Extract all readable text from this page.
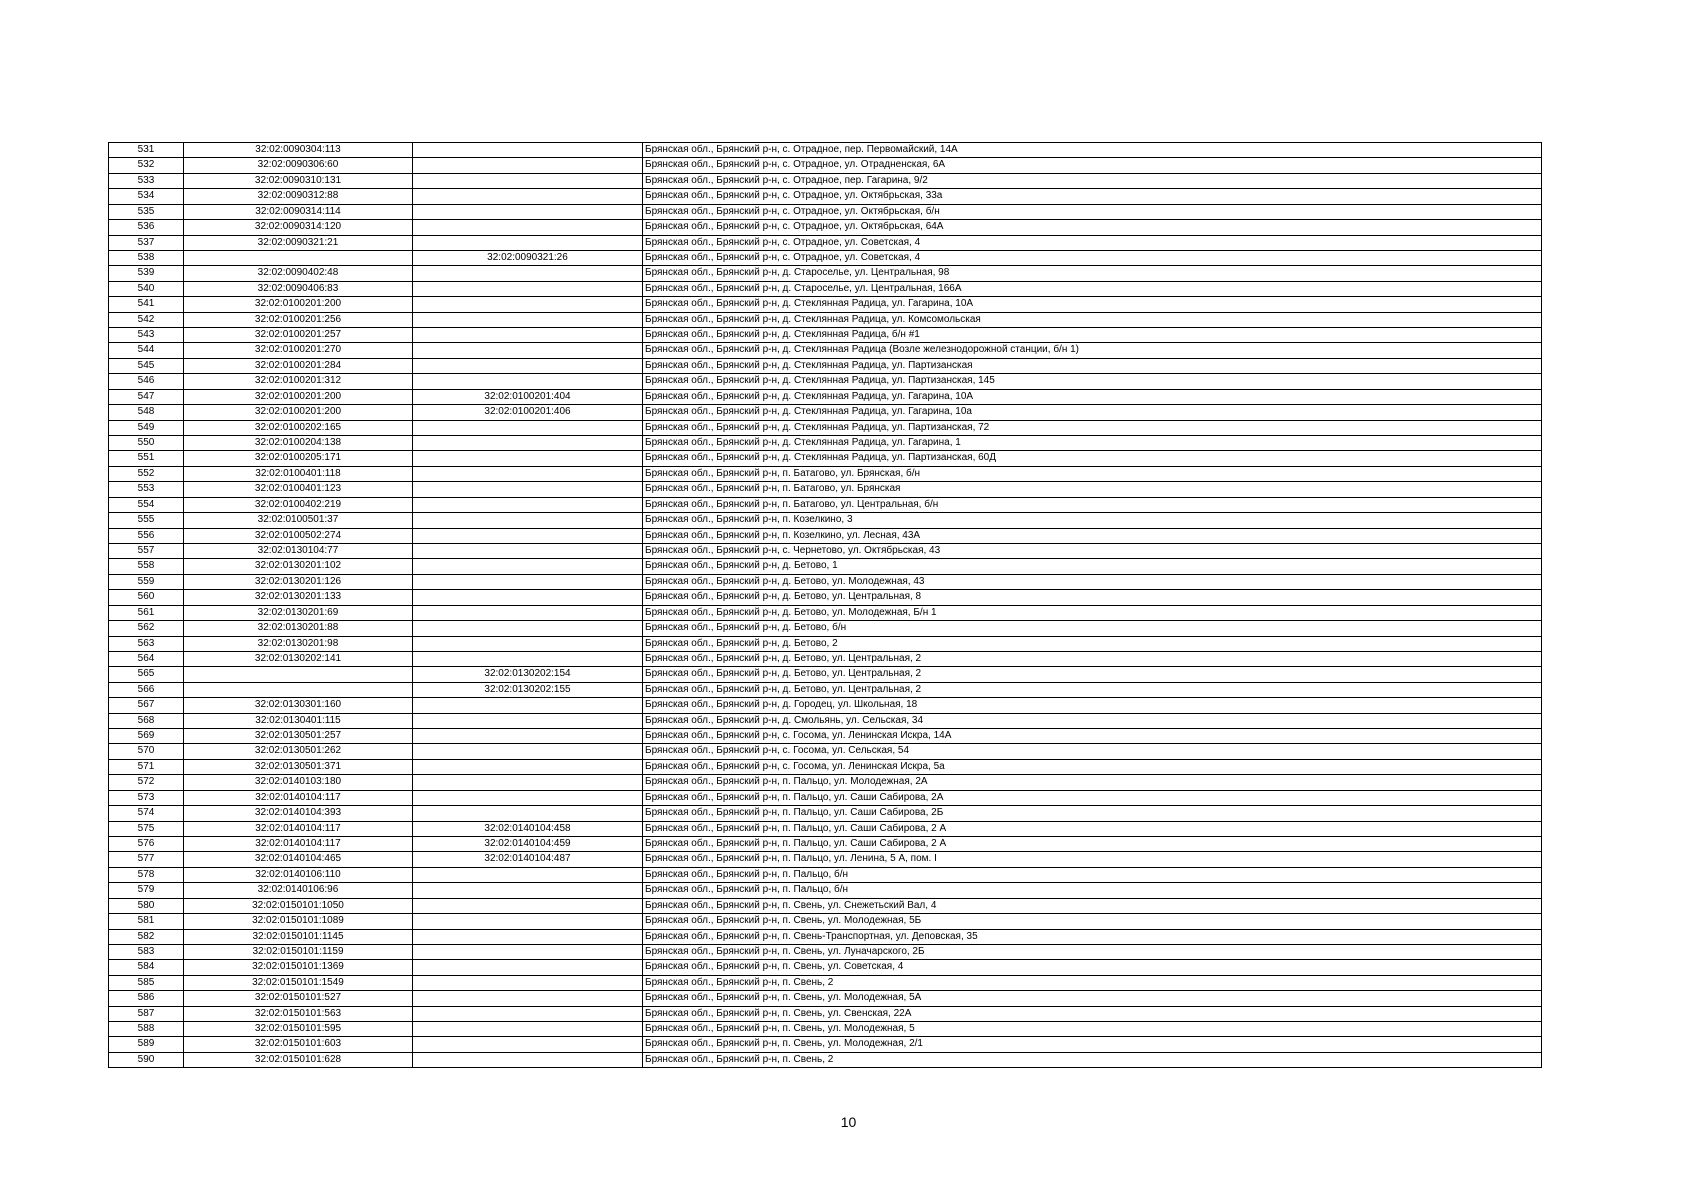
531	32:02:0090304:113		Брянская обл., Брянский р-н, с. Отрадное, пер. Первомайский, 14А
532	32:02:0090306:60		Брянская обл., Брянский р-н, с. Отрадное, ул. Отрадненская, 6А
533	32:02:0090310:131		Брянская обл., Брянский р-н, с. Отрадное, пер. Гагарина, 9/2
534	32:02:0090312:88		Брянская обл., Брянский р-н, с. Отрадное, ул. Октябрьская, 33а
535	32:02:0090314:114		Брянская обл., Брянский р-н, с. Отрадное, ул. Октябрьская, б/н
536	32:02:0090314:120		Брянская обл., Брянский р-н, с. Отрадное, ул. Октябрьская, 64А
537	32:02:0090321:21		Брянская обл., Брянский р-н, с. Отрадное, ул. Советская, 4
538		32:02:0090321:26	Брянская обл., Брянский р-н, с. Отрадное, ул. Советская, 4
539	32:02:0090402:48		Брянская обл., Брянский р-н, д. Староселье, ул. Центральная, 98
540	32:02:0090406:83		Брянская обл., Брянский р-н, д. Староселье, ул. Центральная, 166А
541	32:02:0100201:200		Брянская обл., Брянский р-н, д. Стеклянная Радица, ул. Гагарина, 10А
542	32:02:0100201:256		Брянская обл., Брянский р-н, д. Стеклянная Радица, ул. Комсомольская
543	32:02:0100201:257		Брянская обл., Брянский р-н, д. Стеклянная Радица, б/н #1
544	32:02:0100201:270		Брянская обл., Брянский р-н, д. Стеклянная Радица (Возле железнодорожной станции, б/н 1)
545	32:02:0100201:284		Брянская обл., Брянский р-н, д. Стеклянная Радица, ул. Партизанская
546	32:02:0100201:312		Брянская обл., Брянский р-н, д. Стеклянная Радица, ул. Партизанская, 145
547	32:02:0100201:200	32:02:0100201:404	Брянская обл., Брянский р-н, д. Стеклянная Радица, ул. Гагарина, 10А
548	32:02:0100201:200	32:02:0100201:406	Брянская обл., Брянский р-н, д. Стеклянная Радица, ул. Гагарина, 10а
549	32:02:0100202:165		Брянская обл., Брянский р-н, д. Стеклянная Радица, ул. Партизанская, 72
550	32:02:0100204:138		Брянская обл., Брянский р-н, д. Стеклянная Радица, ул. Гагарина, 1
551	32:02:0100205:171		Брянская обл., Брянский р-н, д. Стеклянная Радица, ул. Партизанская, 60Д
552	32:02:0100401:118		Брянская обл., Брянский р-н, п. Батагово, ул. Брянская, б/н
553	32:02:0100401:123		Брянская обл., Брянский р-н, п. Батагово, ул. Брянская
554	32:02:0100402:219		Брянская обл., Брянский р-н, п. Батагово, ул. Центральная, б/н
555	32:02:0100501:37		Брянская обл., Брянский р-н, п. Козелкино, 3
556	32:02:0100502:274		Брянская обл., Брянский р-н, п. Козелкино, ул. Лесная, 43А
557	32:02:0130104:77		Брянская обл., Брянский р-н, с. Чернетово, ул. Октябрьская, 43
558	32:02:0130201:102		Брянская обл., Брянский р-н, д. Бетово, 1
559	32:02:0130201:126		Брянская обл., Брянский р-н, д. Бетово, ул. Молодежная, 43
560	32:02:0130201:133		Брянская обл., Брянский р-н, д. Бетово, ул. Центральная, 8
561	32:02:0130201:69		Брянская обл., Брянский р-н, д. Бетово, ул. Молодежная, Б/н 1
562	32:02:0130201:88		Брянская обл., Брянский р-н, д. Бетово, б/н
563	32:02:0130201:98		Брянская обл., Брянский р-н, д. Бетово, 2
564	32:02:0130202:141		Брянская обл., Брянский р-н, д. Бетово, ул. Центральная, 2
565		32:02:0130202:154	Брянская обл., Брянский р-н, д. Бетово, ул. Центральная, 2
566		32:02:0130202:155	Брянская обл., Брянский р-н, д. Бетово, ул. Центральная, 2
567	32:02:0130301:160		Брянская обл., Брянский р-н, д. Городец, ул. Школьная, 18
568	32:02:0130401:115		Брянская обл., Брянский р-н, д. Смольянь, ул. Сельская, 34
569	32:02:0130501:257		Брянская обл., Брянский р-н, с. Госома, ул. Ленинская Искра, 14А
570	32:02:0130501:262		Брянская обл., Брянский р-н, с. Госома, ул. Сельская, 54
571	32:02:0130501:371		Брянская обл., Брянский р-н, с. Госома, ул. Ленинская Искра, 5а
572	32:02:0140103:180		Брянская обл., Брянский р-н, п. Пальцо, ул. Молодежная, 2А
573	32:02:0140104:117		Брянская обл., Брянский р-н, п. Пальцо, ул. Саши Сабирова, 2А
574	32:02:0140104:393		Брянская обл., Брянский р-н, п. Пальцо, ул. Саши Сабирова, 2Б
575	32:02:0140104:117	32:02:0140104:458	Брянская обл., Брянский р-н, п. Пальцо, ул. Саши Сабирова, 2 А
576	32:02:0140104:117	32:02:0140104:459	Брянская обл., Брянский р-н, п. Пальцо, ул. Саши Сабирова, 2 А
577	32:02:0140104:465	32:02:0140104:487	Брянская обл., Брянский р-н, п. Пальцо, ул. Ленина, 5 А, пом. I
578	32:02:0140106:110		Брянская обл., Брянский р-н, п. Пальцо, б/н
579	32:02:0140106:96		Брянская обл., Брянский р-н, п. Пальцо, б/н
580	32:02:0150101:1050		Брянская обл., Брянский р-н, п. Свень, ул. Снежетьский Вал, 4
581	32:02:0150101:1089		Брянская обл., Брянский р-н, п. Свень, ул. Молодежная, 5Б
582	32:02:0150101:1145		Брянская обл., Брянский р-н, п. Свень-Транспортная, ул. Деповская, 35
583	32:02:0150101:1159		Брянская обл., Брянский р-н, п. Свень, ул. Луначарского, 2Б
584	32:02:0150101:1369		Брянская обл., Брянский р-н, п. Свень, ул. Советская, 4
585	32:02:0150101:1549		Брянская обл., Брянский р-н, п. Свень, 2
586	32:02:0150101:527		Брянская обл., Брянский р-н, п. Свень, ул. Молодежная, 5А
587	32:02:0150101:563		Брянская обл., Брянский р-н, п. Свень, ул. Свенская, 22А
588	32:02:0150101:595		Брянская обл., Брянский р-н, п. Свень, ул. Молодежная, 5
589	32:02:0150101:603		Брянская обл., Брянский р-н, п. Свень, ул. Молодежная, 2/1
590	32:02:0150101:628		Брянская обл., Брянский р-н, п. Свень, 2
10
